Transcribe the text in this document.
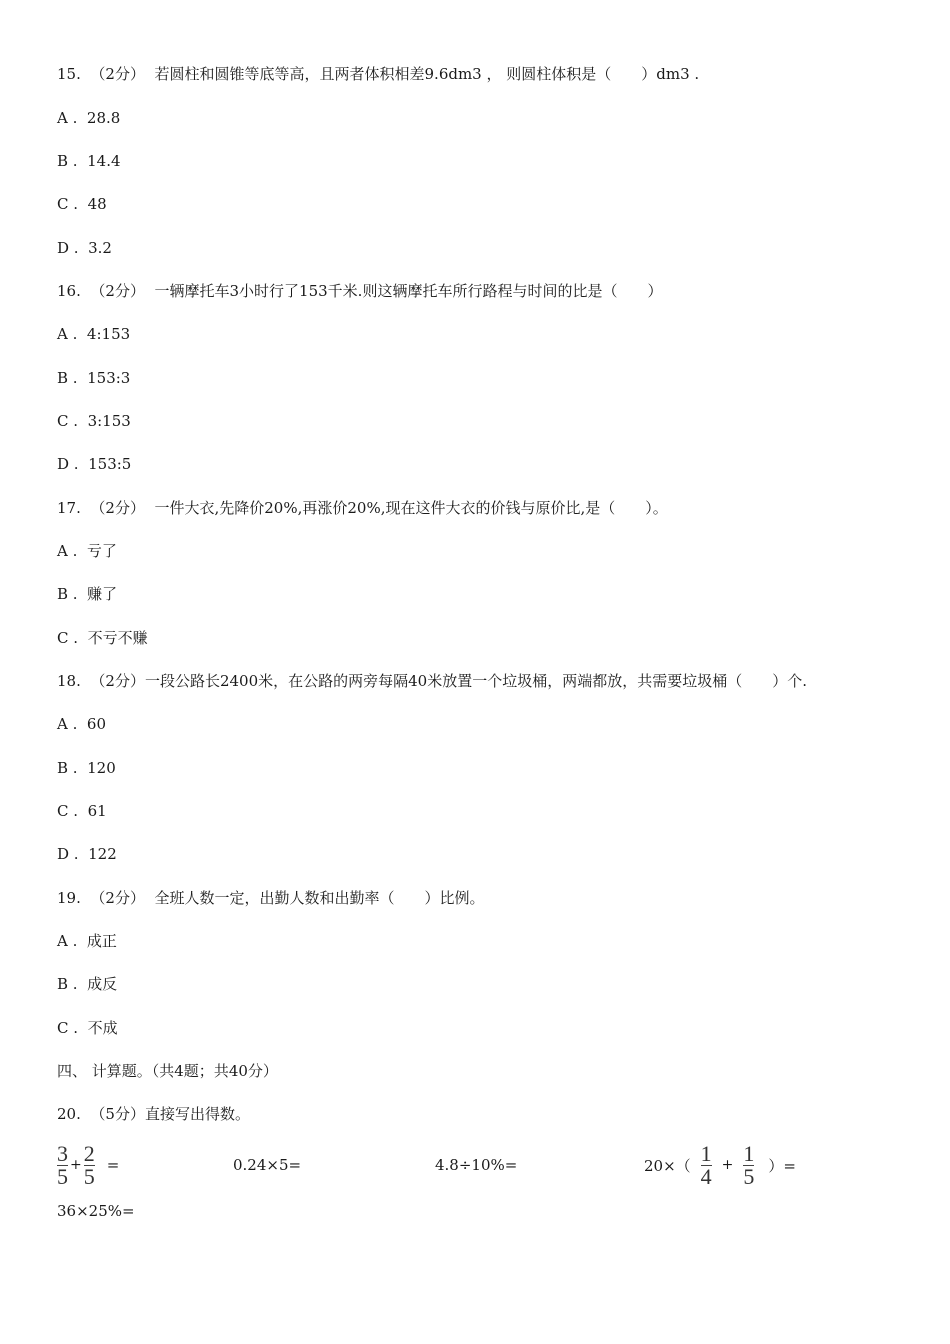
15. （2分） 若圆柱和圆锥等底等高，且两者体积相差9.6dm3 ， 则圆柱体积是（　　）dm3 .
A . 28.8
B . 14.4
C . 48
D . 3.2
16. （2分） 一辆摩托车3小时行了153千米.则这辆摩托车所行路程与时间的比是（　　）
A . 4:153
B . 153:3
C . 3:153
D . 153:5
17. （2分） 一件大衣,先降价20%,再涨价20%,现在这件大衣的价钱与原价比,是（　　）。
A . 亏了
B . 赚了
C . 不亏不赚
18. （2分）一段公路长2400米，在公路的两旁每隔40米放置一个垃圾桶，两端都放，共需要垃圾桶（　　）个.
A . 60
B . 120
C . 61
D . 122
19. （2分） 全班人数一定，出勤人数和出勤率（　　）比例。
A . 成正
B . 成反
C . 不成
四、 计算题。（共4题；共40分）
20. （5分）直接写出得数。
$\frac{3}{5} + \frac{2}{5}$ =	0.24×5=	4.8÷10%=	$20\times( \frac{1}{4} + \frac{1}{5}$ ）=
36×25%=
